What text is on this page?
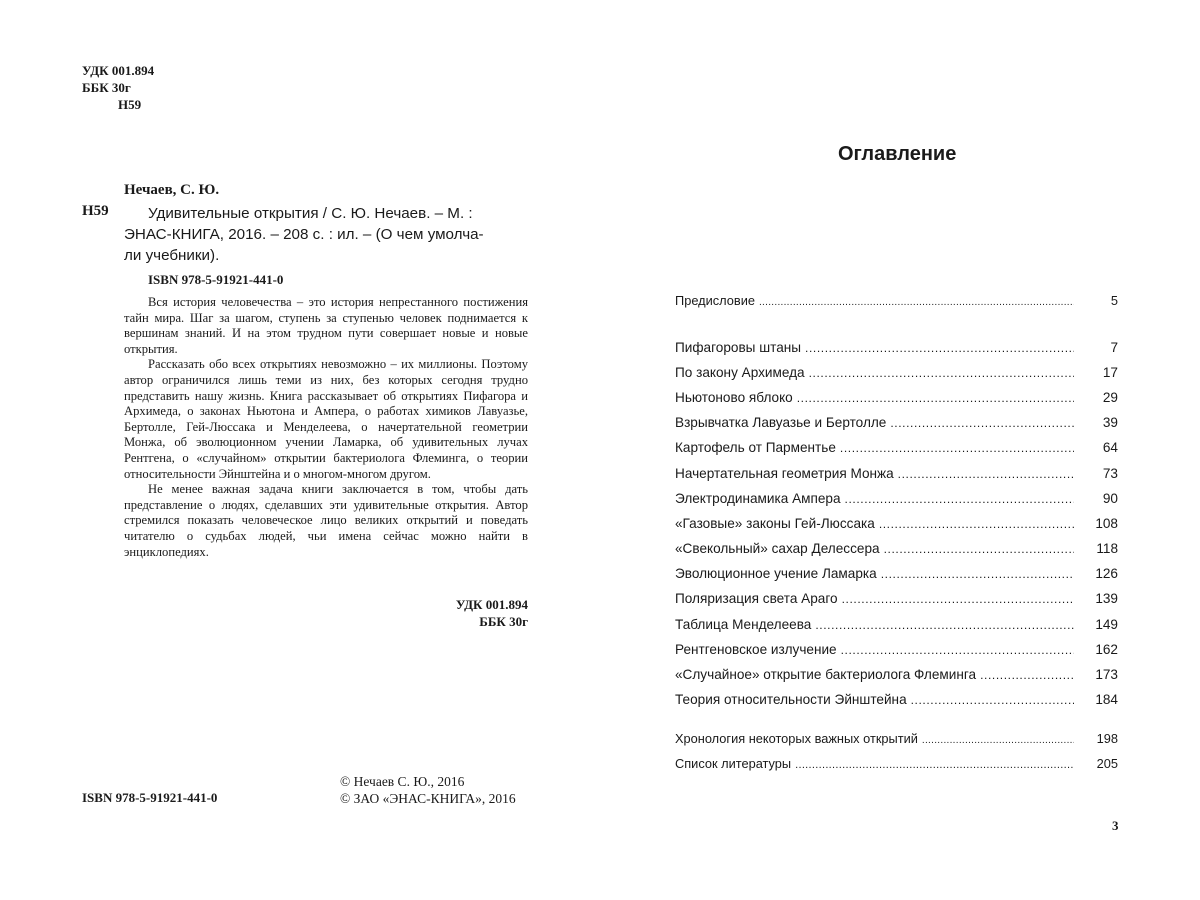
УДК 001.894
ББК 30г
Н59
Нечаев, С. Ю.
Н59	Удивительные открытия / С. Ю. Нечаев. – М. :
ЭНАС-КНИГА, 2016. – 208 с. : ил. – (О чем умолча-
ли учебники).
ISBN 978-5-91921-441-0

Вся история человечества – это история непрестанного постижения тайн мира. Шаг за шагом, ступень за ступенью человек поднимается к вершинам знаний. И на этом трудном пути совершает новые и новые открытия.

Рассказать обо всех открытиях невозможно – их миллионы. Поэтому автор ограничился лишь теми из них, без которых сегодня трудно представить нашу жизнь. Книга рассказывает об открытиях Пифагора и Архимеда, о законах Ньютона и Ампера, о работах химиков Лавуазье, Бертолле, Гей-Люссака и Менделеева, о начертательной геометрии Монжа, об эволюционном учении Ламарка, об удивительных лучах Рентгена, о «случайном» открытии бактериолога Флеминга, о теории относительности Эйнштейна и о многом-многом другом.

Не менее важная задача книги заключается в том, чтобы дать представление о людях, сделавших эти удивительные открытия. Автор стремился показать человеческое лицо великих открытий и поведать читателю о судьбах людей, чьи имена сейчас можно найти в энциклопедиях.

УДК 001.894
ББК 30г
© Нечаев С. Ю., 2016
© ЗАО «ЭНАС-КНИГА», 2016
ISBN 978-5-91921-441-0
Оглавление
Предисловие .....	5
Пифагоровы штаны .....	7
По закону Архимеда .....	17
Ньютоново яблоко .....	29
Взрывчатка Лавуазье и Бертолле .....	39
Картофель от Парментье .....	64
Начертательная геометрия Монжа .....	73
Электродинамика Ампера .....	90
«Газовые» законы Гей-Люссака .....	108
«Свекольный» сахар Делессера .....	118
Эволюционное учение Ламарка .....	126
Поляризация света Араго .....	139
Таблица Менделеева .....	149
Рентгеновское излучение .....	162
«Случайное» открытие бактериолога Флеминга .....	173
Теория относительности Эйнштейна .....	184
Хронология некоторых важных открытий .....	198
Список литературы .....	205
3
